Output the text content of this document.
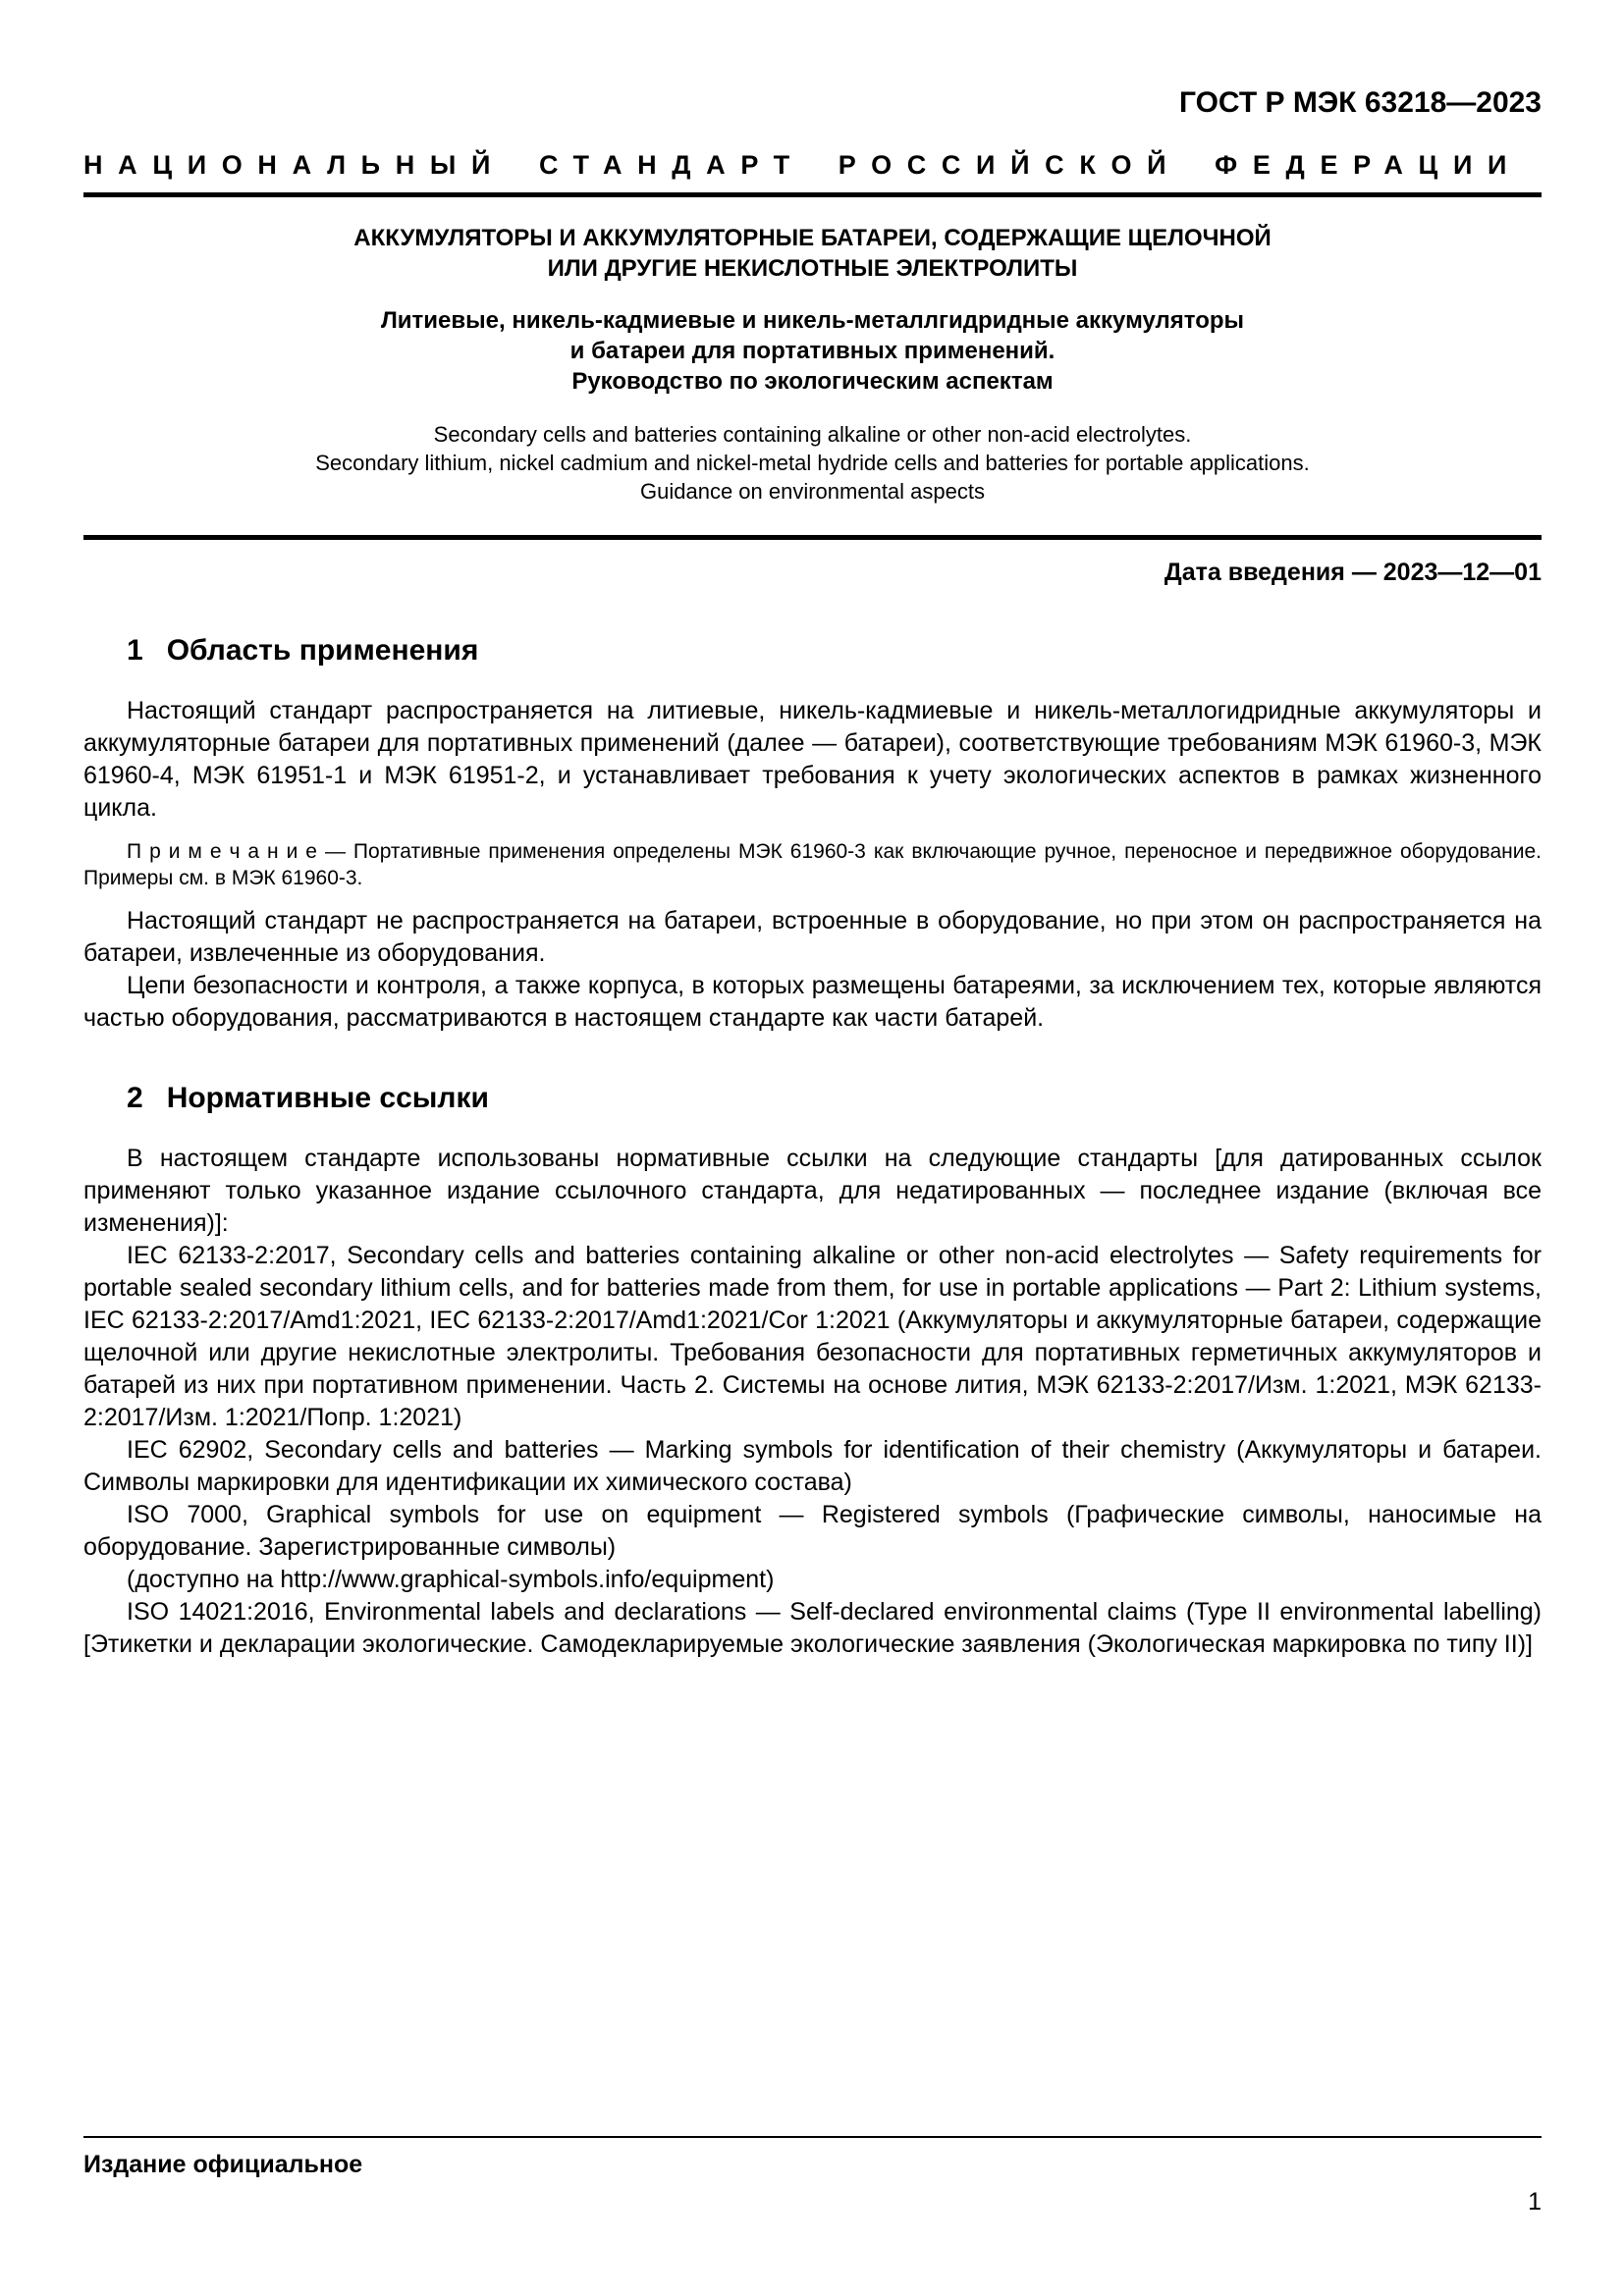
ГОСТ Р МЭК 63218—2023
НАЦИОНАЛЬНЫЙ СТАНДАРТ РОССИЙСКОЙ ФЕДЕРАЦИИ
АККУМУЛЯТОРЫ И АККУМУЛЯТОРНЫЕ БАТАРЕИ, СОДЕРЖАЩИЕ ЩЕЛОЧНОЙ
ИЛИ ДРУГИЕ НЕКИСЛОТНЫЕ ЭЛЕКТРОЛИТЫ
Литиевые, никель-кадмиевые и никель-металлгидридные аккумуляторы
и батареи для портативных применений.
Руководство по экологическим аспектам
Secondary cells and batteries containing alkaline or other non-acid electrolytes.
Secondary lithium, nickel cadmium and nickel-metal hydride cells and batteries for portable applications.
Guidance on environmental aspects
Дата введения — 2023—12—01
1 Область применения

Настоящий стандарт распространяется на литиевые, никель-кадмиевые и никель-металлогидридные аккумуляторы и аккумуляторные батареи для портативных применений (далее — батареи), соответствующие требованиям МЭК 61960-3, МЭК 61960-4, МЭК 61951-1 и МЭК 61951-2, и устанавливает требования к учету экологических аспектов в рамках жизненного цикла.

П р и м е ч а н и е — Портативные применения определены МЭК 61960-3 как включающие ручное, переносное и передвижное оборудование. Примеры см. в МЭК 61960-3.

Настоящий стандарт не распространяется на батареи, встроенные в оборудование, но при этом он распространяется на батареи, извлеченные из оборудования.

Цепи безопасности и контроля, а также корпуса, в которых размещены батареями, за исключением тех, которые являются частью оборудования, рассматриваются в настоящем стандарте как части батарей.

2 Нормативные ссылки

В настоящем стандарте использованы нормативные ссылки на следующие стандарты [для датированных ссылок применяют только указанное издание ссылочного стандарта, для недатированных — последнее издание (включая все изменения)]:

IEC 62133-2:2017, Secondary cells and batteries containing alkaline or other non-acid electrolytes — Safety requirements for portable sealed secondary lithium cells, and for batteries made from them, for use in portable applications — Part 2: Lithium systems, IEC 62133-2:2017/Amd1:2021, IEC 62133-2:2017/Amd1:2021/Cor 1:2021 (Аккумуляторы и аккумуляторные батареи, содержащие щелочной или другие некислотные электролиты. Требования безопасности для портативных герметичных аккумуляторов и батарей из них при портативном применении. Часть 2. Системы на основе лития, МЭК 62133-2:2017/Изм. 1:2021, МЭК 62133-2:2017/Изм. 1:2021/Попр. 1:2021)

IEC 62902, Secondary cells and batteries — Marking symbols for identification of their chemistry (Аккумуляторы и батареи. Символы маркировки для идентификации их химического состава)

ISO 7000, Graphical symbols for use on equipment — Registered symbols (Графические символы, наносимые на оборудование. Зарегистрированные символы)

(доступно на http://www.graphical-symbols.info/equipment)

ISO 14021:2016, Environmental labels and declarations — Self-declared environmental claims (Type II environmental labelling) [Этикетки и декларации экологические. Самодекларируемые экологические заявления (Экологическая маркировка по типу II)]

Издание официальное
1
